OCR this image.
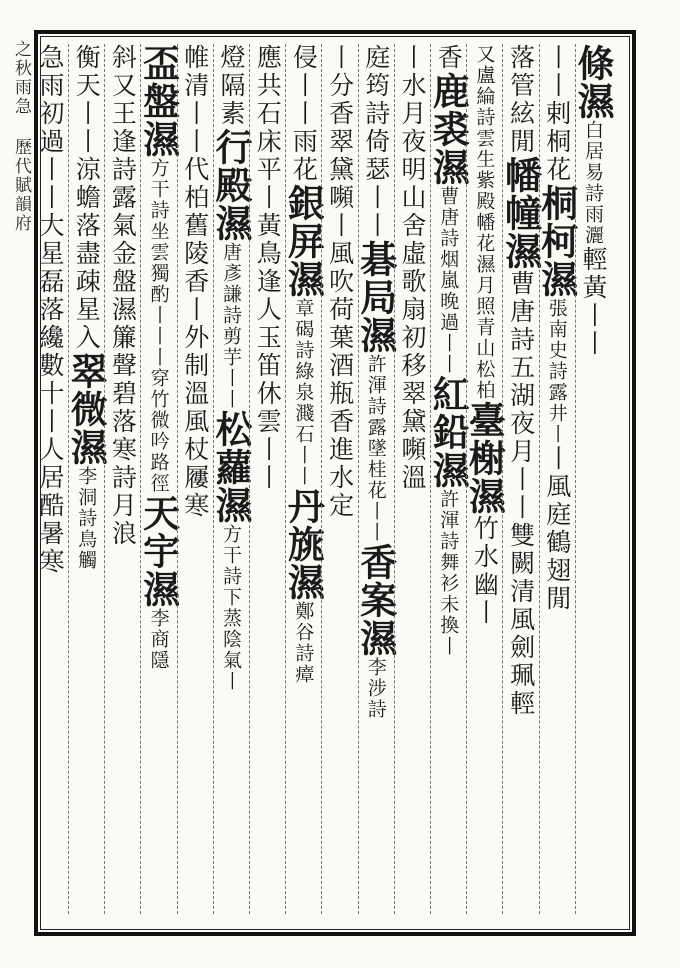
之秋雨急 歷代賦韻府	條濕白居易詩雨灑輕黃丨丨
丨丨剌桐花桐柯濕張南史詩露井丨丨風庭鶴翅閒
落管絃閒幡幢濕曹唐詩五湖夜月丨丨雙闕清風劍珮輕
又盧綸詩雲生紫殿幡花濕月照青山松柏臺榭濕竹水幽丨
香鹿裘濕曹唐詩烟嵐晚過丨丨紅鉛濕許渾詩舞衫未換丨
丨水月夜明山舍虛歌扇初移翠黛嚬溫
庭筠詩倚瑟丨丨碁局濕許渾詩露墜桂花丨丨香案濕李涉詩
丨分香翠黛嚬丨風吹荷葉酒瓶香進水定
侵丨丨雨花銀屏濕章碣詩綠泉濺石丨丨丹旐濕鄭谷詩瘴
應共石床平丨黃鳥逢人玉笛休雲丨丨
燈隔素行殿濕唐彥謙詩剪芋丨丨松蘿濕方干詩下蒸陰氣丨
帷清丨丨代柏舊陵香丨外制溫風杖屨寒
盃盤濕方干詩坐雲獨酌丨丨丨穿竹微吟路徑天宇濕李商隱
斜又王逢詩露氣金盤濕簾聲碧落寒詩月浪
衡天丨丨涼蟾落盡疎星入翠微濕李洞詩鳥觸
急雨初過丨丨大星磊落纔數十丨人居酷暑寒
